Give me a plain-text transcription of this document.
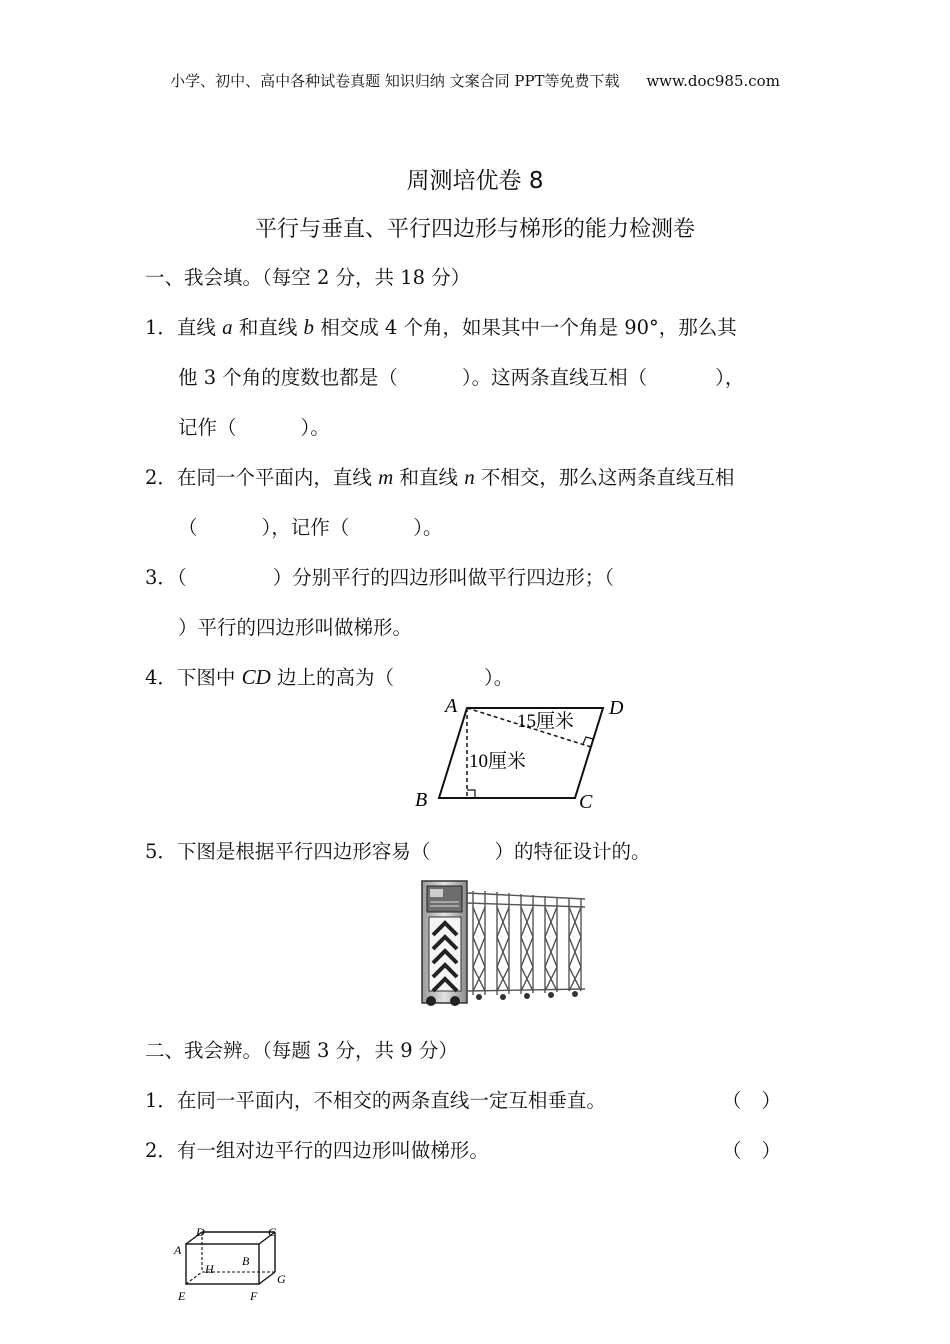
小学、初中、高中各种试卷真题 知识归纳 文案合同 PPT等免费下载 www.doc985.com
周测培优卷 8
平行与垂直、平行四边形与梯形的能力检测卷
一、我会填。（每空 2 分，共 18 分）
1．直线 a 和直线 b 相交成 4 个角，如果其中一个角是 90°，那么其
他 3 个角的度数也都是（	）。这两条直线互相（	），
记作（	）。
2．在同一个平面内，直线 m 和直线 n 不相交，那么这两条直线互相
（	），记作（	）。
3．（	）分别平行的四边形叫做平行四边形；（
）平行的四边形叫做梯形。
4．下图中 CD 边上的高为（	）。
A	D
B	C
15厘米
10厘米
5．下图是根据平行四边形容易（	）的特征设计的。
二、我会辨。（每题 3 分，共 9 分）
1．在同一平面内，不相交的两条直线一定互相垂直。	（ ）
2．有一组对边平行的四边形叫做梯形。	（ ）
A
D	C
B
H
G
E	F
